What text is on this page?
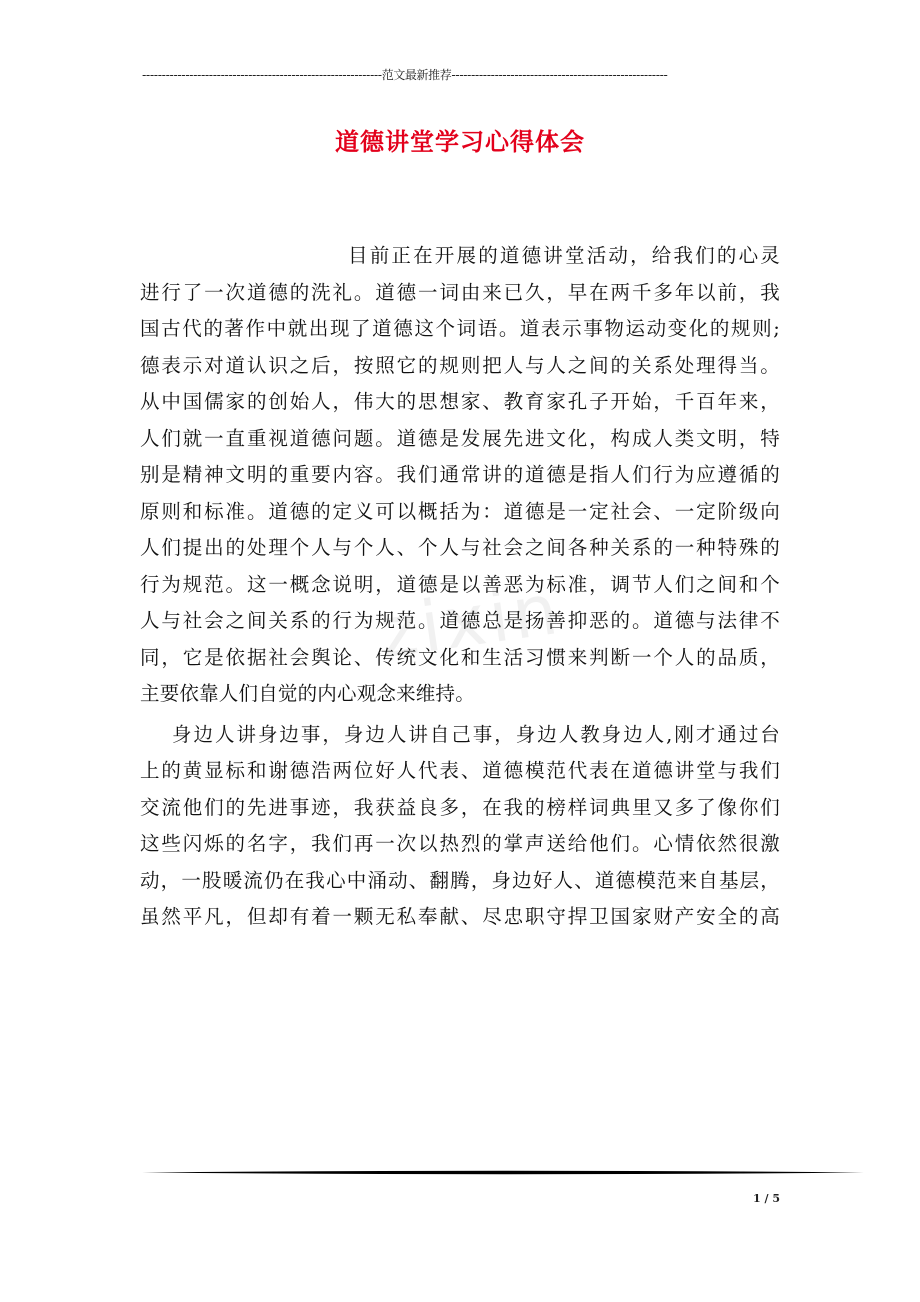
-------------------------------------------------------------范文最新推荐-------------------------------------------------------
道德讲堂学习心得体会
zixin
目前正在开展的道德讲堂活动，给我们的心灵
进行了一次道德的洗礼。道德一词由来已久，早在两千多年以前，我
国古代的著作中就出现了道德这个词语。道表示事物运动变化的规则;
德表示对道认识之后，按照它的规则把人与人之间的关系处理得当。
从中国儒家的创始人，伟大的思想家、教育家孔子开始，千百年来，
人们就一直重视道德问题。道德是发展先进文化，构成人类文明，特
别是精神文明的重要内容。我们通常讲的道德是指人们行为应遵循的
原则和标准。道德的定义可以概括为：道德是一定社会、一定阶级向
人们提出的处理个人与个人、个人与社会之间各种关系的一种特殊的
行为规范。这一概念说明，道德是以善恶为标准，调节人们之间和个
人与社会之间关系的行为规范。道德总是扬善抑恶的。道德与法律不
同，它是依据社会舆论、传统文化和生活习惯来判断一个人的品质，
主要依靠人们自觉的内心观念来维持。
身边人讲身边事，身边人讲自己事，身边人教身边人,刚才通过台
上的黄显标和谢德浩两位好人代表、道德模范代表在道德讲堂与我们
交流他们的先进事迹，我获益良多，在我的榜样词典里又多了像你们
这些闪烁的名字，我们再一次以热烈的掌声送给他们。心情依然很激
动，一股暖流仍在我心中涌动、翻腾，身边好人、道德模范来自基层，
虽然平凡，但却有着一颗无私奉献、尽忠职守捍卫国家财产安全的高
1 / 5
